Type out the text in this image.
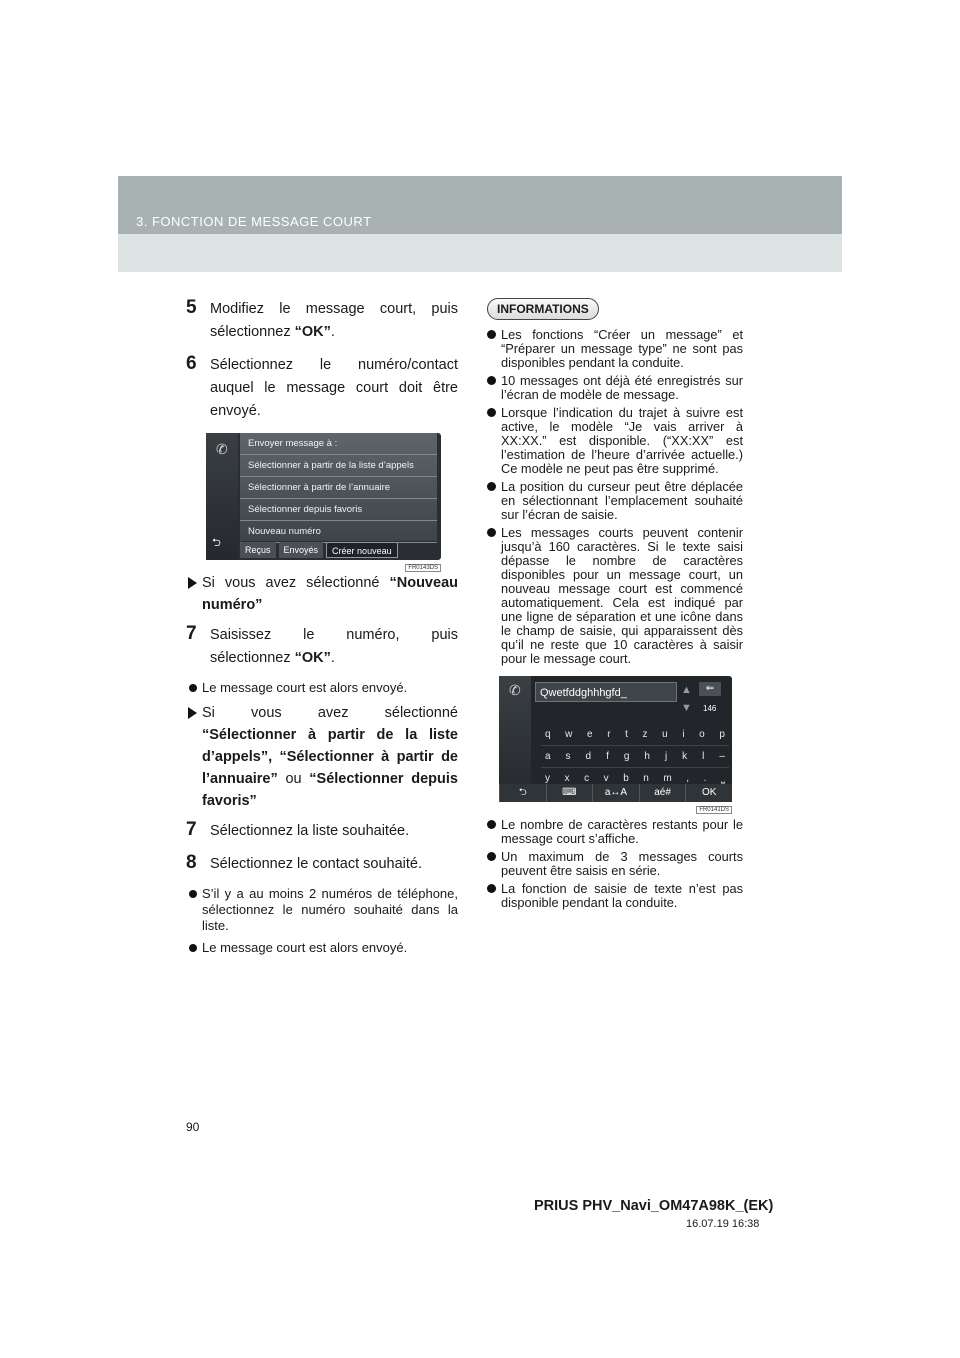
3. FONCTION DE MESSAGE COURT
5 Modifiez le message court, puis sélectionnez “OK”.
6 Sélectionnez le numéro/contact auquel le message court doit être envoyé.
✆	Envoyer message à :
Sélectionner à partir de la liste d’appels
Sélectionner à partir de l’annuaire
Sélectionner depuis favoris
Nouveau numéro
⮌
Reçus	Envoyés	Créer nouveau
FR0143DS
Si vous avez sélectionné “Nouveau numéro”
7 Saisissez le numéro, puis sélectionnez “OK”.
Le message court est alors envoyé.
Si vous avez sélectionné “Sélectionner à partir de la liste d’appels”, “Sélectionner à partir de l’annuaire” ou “Sélectionner depuis favoris”
7 Sélectionnez la liste souhaitée.
8 Sélectionnez le contact souhaité.
S’il y a au moins 2 numéros de téléphone, sélectionnez le numéro souhaité dans la liste.
Le message court est alors envoyé.
INFORMATIONS
Les fonctions “Créer un message” et “Préparer un message type” ne sont pas disponibles pendant la conduite.
10 messages ont déjà été enregistrés sur l’écran de modèle de message.
Lorsque l’indication du trajet à suivre est active, le modèle “Je vais arriver à XX:XX.” est disponible. (“XX:XX” est l’estimation de l’heure d’arrivée actuelle.) Ce modèle ne peut pas être supprimé.
La position du curseur peut être déplacée en sélectionnant l’emplacement souhaité sur l’écran de saisie.
Les messages courts peuvent contenir jusqu’à 160 caractères. Si le texte saisi dépasse le nombre de caractères disponibles pour un message court, un nouveau message court est commencé automatiquement. Cela est indiqué par une ligne de séparation et une icône dans le champ de saisie, qui apparaissent dès qu’il ne reste que 10 caractères à saisir pour le message court.
✆	Qwetfddghhhgfd_	▲
▼
⇐
146
q w e r t z u i o p
a s d f g h j k l –
y x c v b n m , . ⎵
⮌	⌨	a↔A	aé#	OK
FR0141DS
Le nombre de caractères restants pour le message court s’affiche.
Un maximum de 3 messages courts peuvent être saisis en série.
La fonction de saisie de texte n’est pas disponible pendant la conduite.
90
PRIUS PHV_Navi_OM47A98K_(EK)
16.07.19 16:38
